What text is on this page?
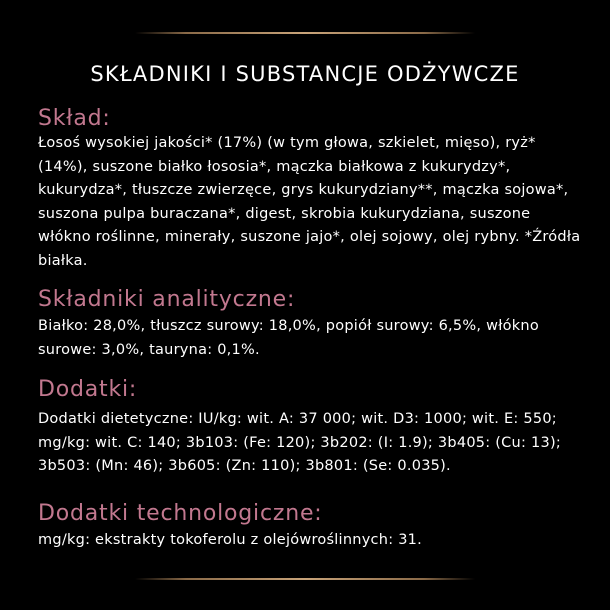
SKŁADNIKI I SUBSTANCJE ODŻYWCZE
Skład:
Łosoś wysokiej jakości* (17%) (w tym głowa, szkielet, mięso), ryż* (14%), suszone białko łososia*, mączka białkowa z kukurydzy*, kukurydza*, tłuszcze zwierzęce, grys kukurydziany**, mączka sojowa*, suszona pulpa buraczana*, digest, skrobia kukurydziana, suszone włókno roślinne, minerały, suszone jajo*, olej sojowy, olej rybny. *Źródła białka.
Składniki analityczne:
Białko: 28,0%, tłuszcz surowy: 18,0%, popiół surowy: 6,5%, włókno surowe: 3,0%, tauryna: 0,1%.
Dodatki:
Dodatki dietetyczne: IU/kg: wit. A: 37 000; wit. D3: 1000; wit. E: 550; mg/kg: wit. C: 140; 3b103: (Fe: 120); 3b202: (I: 1.9); 3b405: (Cu: 13); 3b503: (Mn: 46); 3b605: (Zn: 110); 3b801: (Se: 0.035).
Dodatki technologiczne:
mg/kg: ekstrakty tokoferolu z olejówroślinnych: 31.
